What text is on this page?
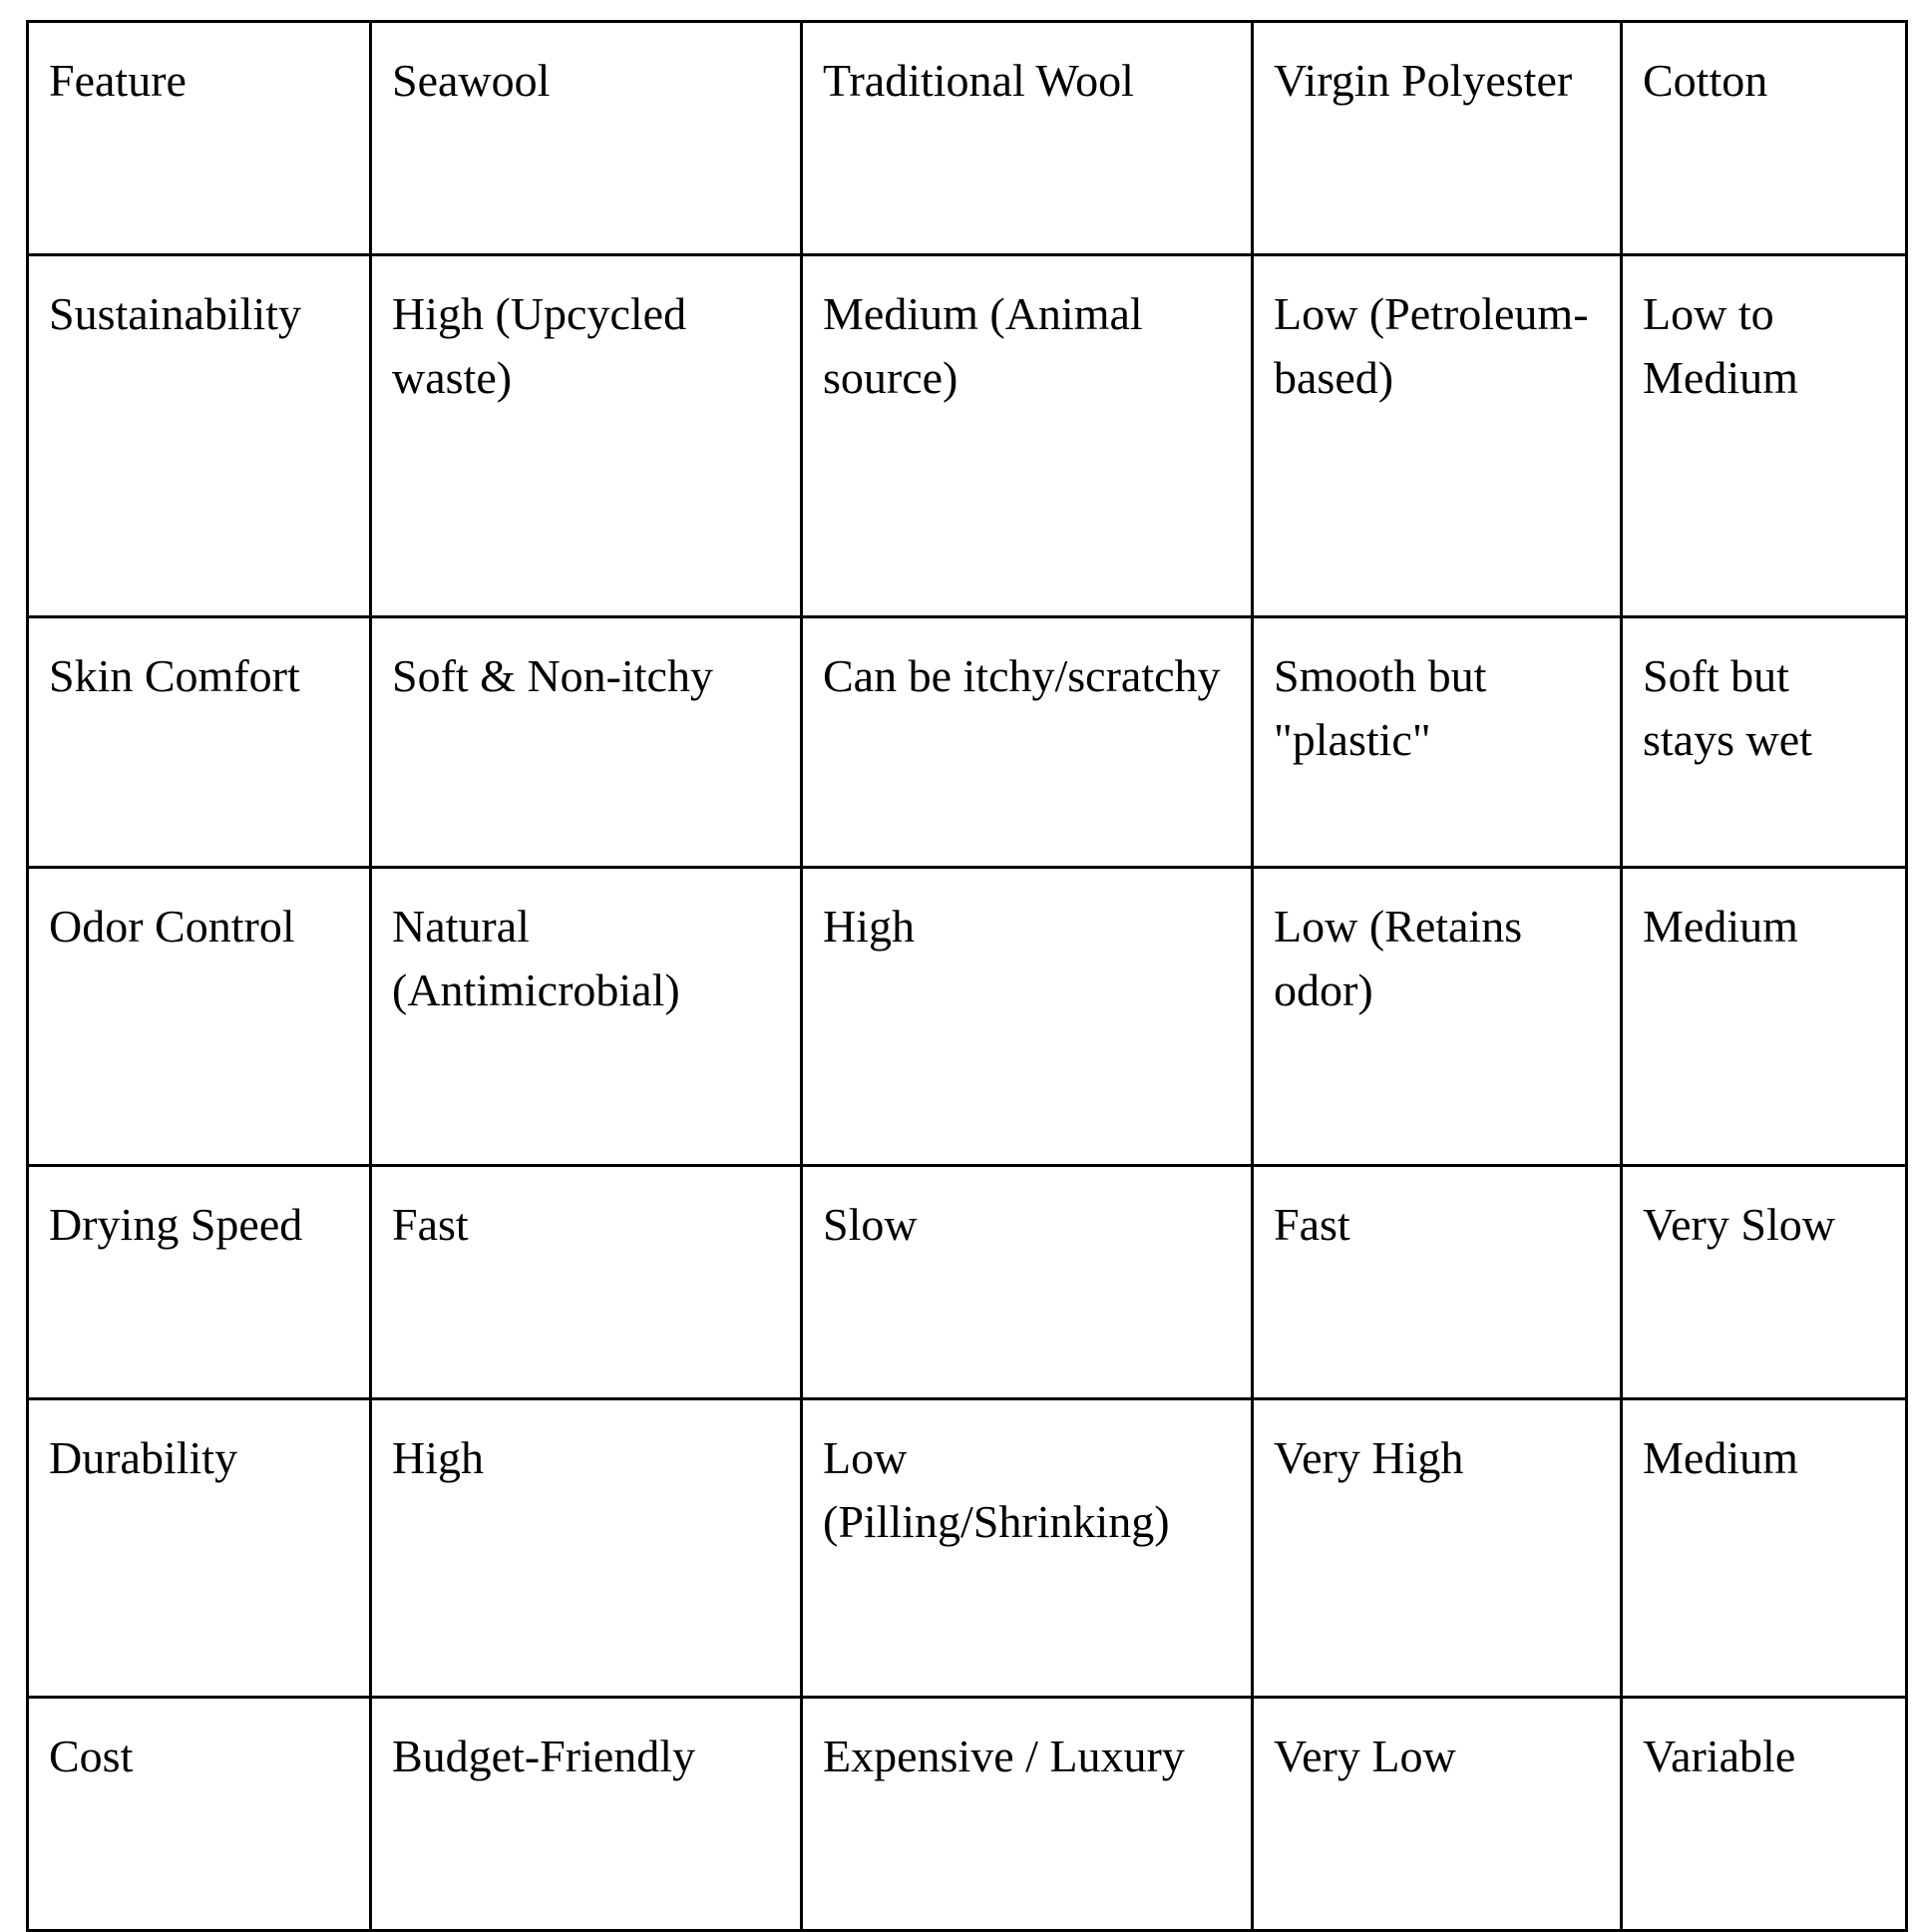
Feature	Seawool	Traditional Wool	Virgin Polyester	Cotton
Sustainability	High (Upcycled waste)	Medium (Animal source)	Low (Petroleum-based)	Low to Medium
Skin Comfort	Soft & Non-itchy	Can be itchy/scratchy	Smooth but "plastic"	Soft but stays wet
Odor Control	Natural (Antimicrobial)	High	Low (Retains odor)	Medium
Drying Speed	Fast	Slow	Fast	Very Slow
Durability	High	Low (Pilling/Shrinking)	Very High	Medium
Cost	Budget-Friendly	Expensive / Luxury	Very Low	Variable
